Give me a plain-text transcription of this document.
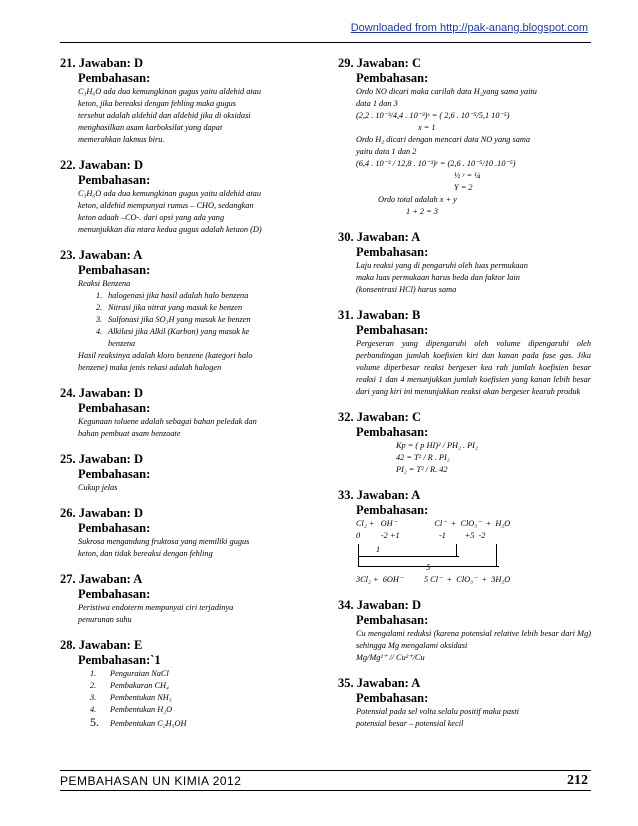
Downloaded from http://pak-anang.blogspot.com
21. Jawaban: D
Pembahasan:
C₃H₆O ada dua kemungkinan gugus yaitu aldehid atau
keton, jika bereaksi dengan fehling maka gugus
tersebut adalah aldehid dan aldehid jika di oksidasi
menghasilkan asam karboksilat yang dapat
memerahkan lakmus biru.
22. Jawaban: D
Pembahasan:
C₃H₆O ada dua kemungkinan gugus yaitu aldehid atau
keton, aldehid mempunyai rumus – CHO, sedangkan
keton adaah –CO-. dari opsi yang ada yang
menunjukkan dia ntara kedua gugus adalah ketaon (D)
23. Jawaban: A
Pembahasan:
Reaksi Benzena
1. halogenasi jika hasil adalah halo benzena
2. Nitrasi jika nitrat yang masuk ke benzen
3. Sulfonasi jika SO₃H yang masuk ke benzen
4. Alkilasi jika Alkil (Karbon) yang masuk ke
benzena
Hasil reaksinya adalah kloro benzene (kategori halo
benzene) maka jenis rekasi adalah halogen
24. Jawaban: D
Pembahasan:
Kegunaan toluene adalah sebagai bahan peledak dan
bahan pembuat asam benzoate
25. Jawaban: D
Pembahasan:
Cukup jelas
26. Jawaban: D
Pembahasan:
Sukrosa mengandung fruktosa yang memiliki gugus
keton, dan tidak bereaksi dengan fehling
27. Jawaban: A
Pembahasan:
Peristiwa endoterm mempunyai ciri terjadinya
penurunan suhu
28. Jawaban: E
Pembahasan:`1
1. Penguraian NaCl
2. Pembakaran CH₄
3. Pembentukan NH₃
4. Pembentukan H₂O
5. Pembentukan C₂H₅OH
29. Jawaban: C
Pembahasan:
Ordo NO dicari maka carilah data H₂yang sama yaitu
data 1 dan 3
(2,2 . 10⁻³/4,4 . 10⁻³)ˣ = ( 2,6 . 10⁻⁵/5,1 10⁻⁵)
x = 1
Ordo H₂ dicari dengan mencari data NO yang sama
yaitu data 1 dan 2
(6,4 . 10⁻³ / 12,8 . 10⁻³)ʸ = (2,6 . 10⁻⁵/10 .10⁻⁵)
½ ʸ = ¼
Y = 2
Ordo total adalah x + y
1 + 2 = 3
30. Jawaban: A
Pembahasan:
Laju reaksi yang di pengaruhi oleh luas permukaan
maka luas permukaan harus beda dan faktor lain
(konsentrasi HCl) harus sama
31. Jawaban: B
Pembahasan:
Pergeseran yang dipengaruhi oleh volume dipengaruhi oleh perbandingan jumlah koefisien kiri dan kanan pada fase gas. Jika volume diperbesar reaksi bergeser kea rah jumlah koefisien besar reaksi 1 dan 4 menunjukkan jumlah koefisien yang kanan lebih besar dari yang kiri ini menunjukkan reaksi akan bergeser kearah produk
32. Jawaban: C
Pembahasan:
Kp = ( p HI)² / PH₂ . PI₂
42 = T² / R . PI₂
PI₂ = T² / R. 42
33. Jawaban: A
Pembahasan:
Cl₂ +   OH⁻                  Cl⁻  +  ClO₃⁻  +  H₂O
0          -2 +1                   -1         +5  -2
1
5
3Cl₂ +  6OH⁻          5 Cl⁻  +  ClO₃⁻  +  3H₂O
34. Jawaban: D
Pembahasan:
Cu mengalami reduksi (karena potensial relative lebih besar dari Mg) sehingga Mg mengalami oksidasi
Mg/Mg²⁺ // Cu²⁺/Cu
35. Jawaban: A
Pembahasan:
Potensial pada sel volta selalu positif maka pasti
potensial besar – potensial kecil
PEMBAHASAN UN KIMIA 2012	212
